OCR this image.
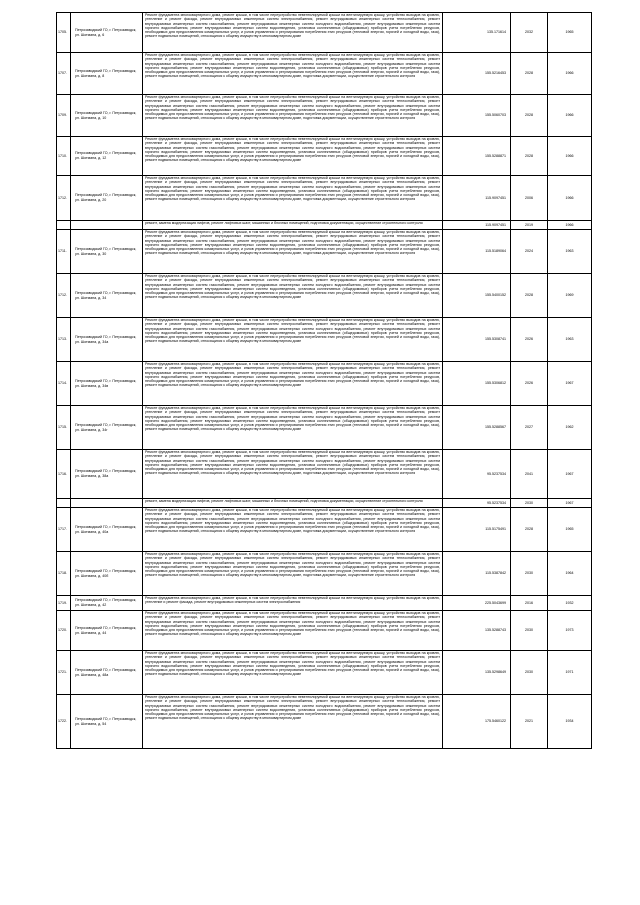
1705.	Петрозаводский ГО, г. Петрозаводск, ул. Шотмана, д. 6	Ремонт фундамента многоквартирного дома, ремонт крыши, в том числе переустройство невентилируемой крыши на вентилируемую крышу, устройство выходов на кровлю, утепление и ремонт фасада, ремонт внутридомовых инженерных систем электроснабжения, ремонт внутридомовых инженерных систем теплоснабжения, ремонт внутридомовых инженерных систем газоснабжения, ремонт внутридомовых инженерных систем холодного водоснабжения, ремонт внутридомовых инженерных систем горячего водоснабжения, ремонт внутридомовых инженерных систем водоотведения, установка коллективных (общедомовых) приборов учета потребления ресурсов, необходимых для предоставления коммунальных услуг, и узлов управления и регулирования потребления этих ресурсов (тепловой энергии, горячей и холодной воды, газа), ремонт подвальных помещений, относящихся к общему имуществу в многоквартирном доме	135.171614	2032	1965
1707.	Петрозаводский ГО, г. Петрозаводск, ул. Шотмана, д. 8	Ремонт фундамента многоквартирного дома, ремонт крыши, в том числе переустройство невентилируемой крыши на вентилируемую крышу, устройство выходов на кровлю, утепление и ремонт фасада, ремонт внутридомовых инженерных систем электроснабжения, ремонт внутридомовых инженерных систем теплоснабжения, ремонт внутридомовых инженерных систем газоснабжения, ремонт внутридомовых инженерных систем холодного водоснабжения, ремонт внутридомовых инженерных систем горячего водоснабжения, ремонт внутридомовых инженерных систем водоотведения, установка коллективных (общедомовых) приборов учета потребления ресурсов, необходимых для предоставления коммунальных услуг, и узлов управления и регулирования потребления этих ресурсов (тепловой энергии, горячей и холодной воды, газа), ремонт подвальных помещений, относящихся к общему имуществу в многоквартирном доме, подготовка документации, осуществление строительного контроля	155.5216453	2028	1966
1709.	Петрозаводский ГО, г. Петрозаводск, ул. Шотмана, д. 10	Ремонт фундамента многоквартирного дома, ремонт крыши, в том числе переустройство невентилируемой крыши на вентилируемую крышу, устройство выходов на кровлю, утепление и ремонт фасада, ремонт внутридомовых инженерных систем электроснабжения, ремонт внутридомовых инженерных систем теплоснабжения, ремонт внутридомовых инженерных систем газоснабжения, ремонт внутридомовых инженерных систем холодного водоснабжения, ремонт внутридомовых инженерных систем горячего водоснабжения, ремонт внутридомовых инженерных систем водоотведения, установка коллективных (общедомовых) приборов учета потребления ресурсов, необходимых для предоставления коммунальных услуг, и узлов управления и регулирования потребления этих ресурсов (тепловой энергии, горячей и холодной воды, газа), ремонт подвальных помещений, относящихся к общему имуществу в многоквартирном доме, подготовка документации, осуществление строительного контроля	155.5060703	2028	1966
1710.	Петрозаводский ГО, г. Петрозаводск, ул. Шотмана, д. 12	Ремонт фундамента многоквартирного дома, ремонт крыши, в том числе переустройство невентилируемой крыши на вентилируемую крышу, устройство выходов на кровлю, утепление и ремонт фасада, ремонт внутридомовых инженерных систем электроснабжения, ремонт внутридомовых инженерных систем теплоснабжения, ремонт внутридомовых инженерных систем газоснабжения, ремонт внутридомовых инженерных систем холодного водоснабжения, ремонт внутридомовых инженерных систем горячего водоснабжения, ремонт внутридомовых инженерных систем водоотведения, установка коллективных (общедомовых) приборов учета потребления ресурсов, необходимых для предоставления коммунальных услуг, и узлов управления и регулирования потребления этих ресурсов (тепловой энергии, горячей и холодной воды, газа), ремонт подвальных помещений, относящихся к общему имуществу в многоквартирном доме	155.5288871	2028	1966
1712.	Петрозаводский ГО, г. Петрозаводск, ул. Шотмана, д. 20	Ремонт фундамента многоквартирного дома, ремонт крыши, в том числе переустройство невентилируемой крыши на вентилируемую крышу, устройство выходов на кровлю, утепление и ремонт фасада, ремонт внутридомовых инженерных систем электроснабжения, ремонт внутридомовых инженерных систем теплоснабжения, ремонт внутридомовых инженерных систем газоснабжения, ремонт внутридомовых инженерных систем холодного водоснабжения, ремонт внутридомовых инженерных систем горячего водоснабжения, ремонт внутридомовых инженерных систем водоотведения, установка коллективных (общедомовых) приборов учета потребления ресурсов, необходимых для предоставления коммунальных услуг, и узлов управления и регулирования потребления этих ресурсов (тепловой энергии, горячей и холодной воды, газа), ремонт подвальных помещений, относящихся к общему имуществу в многоквартирном доме, подготовка документации, осуществление строительного контроля	115.9097451	2006	1966
		ремонт, замена модернизация лифтов, ремонт лифтовых шахт, машинных и блочных помещений, подготовка документации, осуществление строительного контроля	115.9097451	2019	1966
1711.	Петрозаводский ГО, г. Петрозаводск, ул. Шотмана, д. 30	Ремонт фундамента многоквартирного дома, ремонт крыши, в том числе переустройство невентилируемой крыши на вентилируемую крышу, устройство выходов на кровлю, утепление и ремонт фасада, ремонт внутридомовых инженерных систем электроснабжения, ремонт внутридомовых инженерных систем теплоснабжения, ремонт внутридомовых инженерных систем газоснабжения, ремонт внутридомовых инженерных систем холодного водоснабжения, ремонт внутридомовых инженерных систем горячего водоснабжения, ремонт внутридомовых инженерных систем водоотведения, установка коллективных (общедомовых) приборов учета потребления ресурсов, необходимых для предоставления коммунальных услуг, и узлов управления и регулирования потребления этих ресурсов (тепловой энергии, горячей и холодной воды, газа), ремонт подвальных помещений, относящихся к общему имуществу в многоквартирном доме, подготовка документации, осуществление строительного контроля	115.5189064	2024	1963
1712.	Петрозаводский ГО, г. Петрозаводск, ул. Шотмана, д. 34	Ремонт фундамента многоквартирного дома, ремонт крыши, в том числе переустройство невентилируемой крыши на вентилируемую крышу, устройство выходов на кровлю, утепление и ремонт фасада, ремонт внутридомовых инженерных систем электроснабжения, ремонт внутридомовых инженерных систем теплоснабжения, ремонт внутридомовых инженерных систем газоснабжения, ремонт внутридомовых инженерных систем холодного водоснабжения, ремонт внутридомовых инженерных систем горячего водоснабжения, ремонт внутридомовых инженерных систем водоотведения, установка коллективных (общедомовых) приборов учета потребления ресурсов, необходимых для предоставления коммунальных услуг, и узлов управления и регулирования потребления этих ресурсов (тепловой энергии, горячей и холодной воды, газа), ремонт подвальных помещений, относящихся к общему имуществу в многоквартирном доме	155.5400152	2028	1969
1713.	Петрозаводский ГО, г. Петрозаводск, ул. Шотмана, д. 34а	Ремонт фундамента многоквартирного дома, ремонт крыши, в том числе переустройство невентилируемой крыши на вентилируемую крышу, устройство выходов на кровлю, утепление и ремонт фасада, ремонт внутридомовых инженерных систем электроснабжения, ремонт внутридомовых инженерных систем теплоснабжения, ремонт внутридомовых инженерных систем газоснабжения, ремонт внутридомовых инженерных систем холодного водоснабжения, ремонт внутридомовых инженерных систем горячего водоснабжения, ремонт внутридомовых инженерных систем водоотведения, установка коллективных (общедомовых) приборов учета потребления ресурсов, необходимых для предоставления коммунальных услуг, и узлов управления и регулирования потребления этих ресурсов (тепловой энергии, горячей и холодной воды, газа), ремонт подвальных помещений, относящихся к общему имуществу в многоквартирном доме	155.5308741	2026	1963
1714.	Петрозаводский ГО, г. Петрозаводск, ул. Шотмана, д. 34в	Ремонт фундамента многоквартирного дома, ремонт крыши, в том числе переустройство невентилируемой крыши на вентилируемую крышу, устройство выходов на кровлю, утепление и ремонт фасада, ремонт внутридомовых инженерных систем электроснабжения, ремонт внутридомовых инженерных систем теплоснабжения, ремонт внутридомовых инженерных систем газоснабжения, ремонт внутридомовых инженерных систем холодного водоснабжения, ремонт внутридомовых инженерных систем горячего водоснабжения, ремонт внутридомовых инженерных систем водоотведения, установка коллективных (общедомовых) приборов учета потребления ресурсов, необходимых для предоставления коммунальных услуг, и узлов управления и регулирования потребления этих ресурсов (тепловой энергии, горячей и холодной воды, газа), ремонт подвальных помещений, относящихся к общему имуществу в многоквартирном доме	155.5306812	2026	1967
1715.	Петрозаводский ГО, г. Петрозаводск, ул. Шотмана, д. 34г	Ремонт фундамента многоквартирного дома, ремонт крыши, в том числе переустройство невентилируемой крыши на вентилируемую крышу, устройство выходов на кровлю, утепление и ремонт фасада, ремонт внутридомовых инженерных систем электроснабжения, ремонт внутридомовых инженерных систем теплоснабжения, ремонт внутридомовых инженерных систем газоснабжения, ремонт внутридомовых инженерных систем холодного водоснабжения, ремонт внутридомовых инженерных систем горячего водоснабжения, ремонт внутридомовых инженерных систем водоотведения, установка коллективных (общедомовых) приборов учета потребления ресурсов, необходимых для предоставления коммунальных услуг, и узлов управления и регулирования потребления этих ресурсов (тепловой энергии, горячей и холодной воды, газа), ремонт подвальных помещений, относящихся к общему имуществу в многоквартирном доме	155.5288567	2027	1962
1716.	Петрозаводский ГО, г. Петрозаводск, ул. Шотмана, д. 38а	Ремонт фундамента многоквартирного дома, ремонт крыши, в том числе переустройство невентилируемой крыши на вентилируемую крышу, устройство выходов на кровлю, утепление и ремонт фасада, ремонт внутридомовых инженерных систем электроснабжения, ремонт внутридомовых инженерных систем теплоснабжения, ремонт внутридомовых инженерных систем газоснабжения, ремонт внутридомовых инженерных систем холодного водоснабжения, ремонт внутридомовых инженерных систем горячего водоснабжения, ремонт внутридомовых инженерных систем водоотведения, установка коллективных (общедомовых) приборов учета потребления ресурсов, необходимых для предоставления коммунальных услуг, и узлов управления и регулирования потребления этих ресурсов (тепловой энергии, горячей и холодной воды, газа), ремонт подвальных помещений, относящихся к общему имуществу в многоквартирном доме, подготовка документации, осуществление строительного контроля	95.5237534	2041	1967
		ремонт, замена модернизация лифтов, ремонт лифтовых шахт, машинных и блочных помещений, подготовка документации, осуществление строительного контроля	95.5237534	2030	1967
1717.	Петрозаводский ГО, г. Петрозаводск, ул. Шотмана, д. 40а	Ремонт фундамента многоквартирного дома, ремонт крыши, в том числе переустройство невентилируемой крыши на вентилируемую крышу, устройство выходов на кровлю, утепление и ремонт фасада, ремонт внутридомовых инженерных систем электроснабжения, ремонт внутридомовых инженерных систем теплоснабжения, ремонт внутридомовых инженерных систем газоснабжения, ремонт внутридомовых инженерных систем холодного водоснабжения, ремонт внутридомовых инженерных систем горячего водоснабжения, ремонт внутридомовых инженерных систем водоотведения, установка коллективных (общедомовых) приборов учета потребления ресурсов, необходимых для предоставления коммунальных услуг, и узлов управления и регулирования потребления этих ресурсов (тепловой энергии, горячей и холодной воды, газа), ремонт подвальных помещений, относящихся к общему имуществу в многоквартирном доме, подготовка документации, осуществление строительного контроля	115.5175491	2028	1965
1718.	Петрозаводский ГО, г. Петрозаводск, ул. Шотмана, д. 40б	Ремонт фундамента многоквартирного дома, ремонт крыши, в том числе переустройство невентилируемой крыши на вентилируемую крышу, устройство выходов на кровлю, утепление и ремонт фасада, ремонт внутридомовых инженерных систем электроснабжения, ремонт внутридомовых инженерных систем теплоснабжения, ремонт внутридомовых инженерных систем газоснабжения, ремонт внутридомовых инженерных систем холодного водоснабжения, ремонт внутридомовых инженерных систем горячего водоснабжения, ремонт внутридомовых инженерных систем водоотведения, установка коллективных (общедомовых) приборов учета потребления ресурсов, необходимых для предоставления коммунальных услуг, и узлов управления и регулирования потребления этих ресурсов (тепловой энергии, горячей и холодной воды, газа), ремонт подвальных помещений, относящихся к общему имуществу в многоквартирном доме, подготовка документации, осуществление строительного контроля	115.5387842	2030	1964
1719.	Петрозаводский ГО, г. Петрозаводск, ул. Шотмана, д. 42	Ремонт фундамента многоквартирного дома, ремонт крыши, в том числе переустройство невентилируемой крыши на вентилируемую крышу, устройство выходов на кровлю, утепление и ремонт фасада, ремонт внутридомовых инженерных систем электроснабжения	225.5043699	2016	1932
1720.	Петрозаводский ГО, г. Петрозаводск, ул. Шотмана, д. 44	Ремонт фундамента многоквартирного дома, ремонт крыши, в том числе переустройство невентилируемой крыши на вентилируемую крышу, устройство выходов на кровлю, утепление и ремонт фасада, ремонт внутридомовых инженерных систем электроснабжения, ремонт внутридомовых инженерных систем теплоснабжения, ремонт внутридомовых инженерных систем газоснабжения, ремонт внутридомовых инженерных систем холодного водоснабжения, ремонт внутридомовых инженерных систем горячего водоснабжения, ремонт внутридомовых инженерных систем водоотведения, установка коллективных (общедомовых) приборов учета потребления ресурсов, необходимых для предоставления коммунальных услуг, и узлов управления и регулирования потребления этих ресурсов (тепловой энергии, горячей и холодной воды, газа), ремонт подвальных помещений, относящихся к общему имуществу в многоквартирном доме	135.5288743	2030	1973
1721.	Петрозаводский ГО, г. Петрозаводск, ул. Шотмана, д. 48а	Ремонт фундамента многоквартирного дома, ремонт крыши, в том числе переустройство невентилируемой крыши на вентилируемую крышу, устройство выходов на кровлю, утепление и ремонт фасада, ремонт внутридомовых инженерных систем электроснабжения, ремонт внутридомовых инженерных систем теплоснабжения, ремонт внутридомовых инженерных систем газоснабжения, ремонт внутридомовых инженерных систем холодного водоснабжения, ремонт внутридомовых инженерных систем горячего водоснабжения, ремонт внутридомовых инженерных систем водоотведения, установка коллективных (общедомовых) приборов учета потребления ресурсов, необходимых для предоставления коммунальных услуг, и узлов управления и регулирования потребления этих ресурсов (тепловой энергии, горячей и холодной воды, газа), ремонт подвальных помещений, относящихся к общему имуществу в многоквартирном доме	135.5298649	2030	1971
1722.	Петрозаводский ГО, г. Петрозаводск, ул. Шотмана, д. 54	Ремонт фундамента многоквартирного дома, ремонт крыши, в том числе переустройство невентилируемой крыши на вентилируемую крышу, устройство выходов на кровлю, утепление и ремонт фасада, ремонт внутридомовых инженерных систем электроснабжения, ремонт внутридомовых инженерных систем теплоснабжения, ремонт внутридомовых инженерных систем газоснабжения, ремонт внутридомовых инженерных систем холодного водоснабжения, ремонт внутридомовых инженерных систем горячего водоснабжения, ремонт внутридомовых инженерных систем водоотведения, установка коллективных (общедомовых) приборов учета потребления ресурсов, необходимых для предоставления коммунальных услуг, и узлов управления и регулирования потребления этих ресурсов (тепловой энергии, горячей и холодной воды, газа), ремонт подвальных помещений, относящихся к общему имуществу в многоквартирном доме	175.5460122	2021	1934
